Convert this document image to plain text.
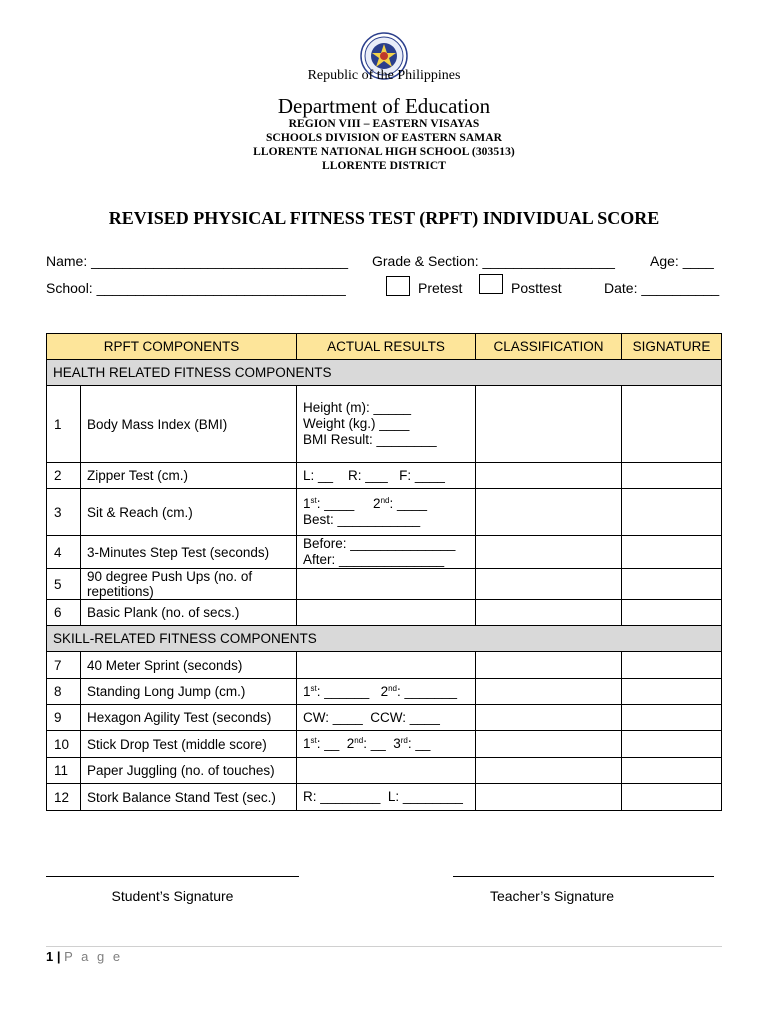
Republic of the Philippines
Department of Education
REGION VIII – EASTERN VISAYAS
SCHOOLS DIVISION OF EASTERN SAMAR
LLORENTE NATIONAL HIGH SCHOOL (303513)
LLORENTE DISTRICT
REVISED PHYSICAL FITNESS TEST (RPFT) INDIVIDUAL SCORE
Name: _________________________________ Grade & Section: _________________	Age: ____
School: ________________________________	Pretest	Posttest	Date: __________
RPFT COMPONENTS		ACTUAL RESULTS	CLASSIFICATION	SIGNATURE
HEALTH RELATED FITNESS COMPONENTS				
1	Body Mass Index (BMI)	Height (m): _____
Weight (kg.) ____
BMI Result: ________		

2	Zipper Test (cm.)	L: __    R: ___   F: ____		
3	Sit & Reach (cm.)	1st: ____     2nd: ____
Best: ___________		

4	3-Minutes Step Test (seconds)	Before: ______________
After: ______________		

5	90 degree Push Ups (no. of repetitions)			
6	Basic Plank (no. of secs.)			
SKILL-RELATED FITNESS COMPONENTS				
7	40 Meter Sprint (seconds)			
8	Standing Long Jump (cm.)	1st: ______   2nd: _______		

9	Hexagon Agility Test (seconds)	CW: ____  CCW: ____		
10	Stick Drop Test (middle score)	1st: __  2nd: __  3rd: __		

11	Paper Juggling (no. of touches)			
12	Stork Balance Stand Test (sec.)	R: ________  L: ________		
Student’s Signature	Teacher’s Signature
1 | P a g e
